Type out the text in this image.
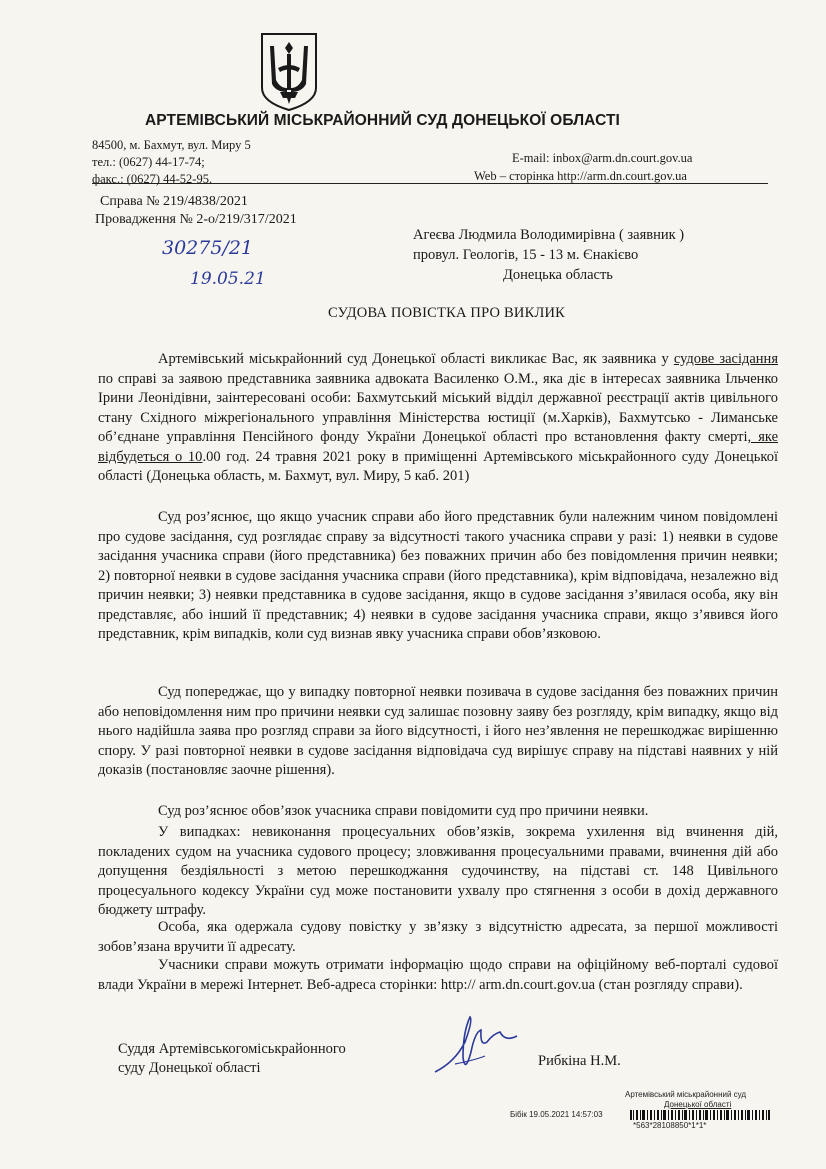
АРТЕМІВСЬКИЙ МІСЬКРАЙОННИЙ СУД ДОНЕЦЬКОЇ ОБЛАСТІ
84500, м. Бахмут, вул. Миру 5
тел.: (0627) 44-17-74;
факс.: (0627) 44-52-95.
E-mail: inbox@arm.dn.court.gov.ua
Web – сторінка http://arm.dn.court.gov.ua
Справа № 219/4838/2021
Провадження № 2-о/219/317/2021
30275/21
19.05.21
Агеєва Людмила Володимирівна ( заявник )
провул. Геологів, 15 - 13 м. Єнакієво
Донецька область
СУДОВА ПОВІСТКА ПРО ВИКЛИК

Артемівський міськрайонний суд Донецької області викликає Вас, як заявника у судове засідання по справі за заявою представника заявника адвоката Василенко О.М., яка діє в інтересах заявника Ільченко Ірини Леонідівни, заінтересовані особи: Бахмутський міський відділ державної реєстрації актів цивільного стану Східного міжрегіонального управління Міністерства юстиції (м.Харків), Бахмутсько - Лиманське об’єднане управління Пенсійного фонду України Донецької області про встановлення факту смерті, яке відбудеться о 10.00 год. 24 травня 2021 року в приміщенні Артемівського міськрайонного суду Донецької області (Донецька область, м. Бахмут, вул. Миру, 5 каб. 201)

Суд роз’яснює, що якщо учасник справи або його представник були належним чином повідомлені про судове засідання, суд розглядає справу за відсутності такого учасника справи у разі: 1) неявки в судове засідання учасника справи (його представника) без поважних причин або без повідомлення причин неявки; 2) повторної неявки в судове засідання учасника справи (його представника), крім відповідача, незалежно від причин неявки; 3) неявки представника в судове засідання, якщо в судове засідання з’явилася особа, яку він представляє, або інший її представник; 4) неявки в судове засідання учасника справи, якщо з’явився його представник, крім випадків, коли суд визнав явку учасника справи обов’язковою.

Суд попереджає, що у випадку повторної неявки позивача в судове засідання без поважних причин або неповідомлення ним про причини неявки суд залишає позовну заяву без розгляду, крім випадку, якщо від нього надійшла заява про розгляд справи за його відсутності, і його нез’явлення не перешкоджає вирішенню спору. У разі повторної неявки в судове засідання відповідача суд вирішує справу на підставі наявних у ній доказів (постановляє заочне рішення).

Суд роз’яснює обов’язок учасника справи повідомити суд про причини неявки.

У випадках: невиконання процесуальних обов’язків, зокрема ухилення від вчинення дій, покладених судом на учасника судового процесу; зловживання процесуальними правами, вчинення дій або допущення бездіяльності з метою перешкоджання судочинству, на підставі ст. 148 Цивільного процесуального кодексу України суд може постановити ухвалу про стягнення з особи в дохід державного бюджету штрафу.

Особа, яка одержала судову повістку у зв’язку з відсутністю адресата, за першої можливості зобов’язана вручити її адресату.

Учасники справи можуть отримати інформацію щодо справи на офіційному веб-порталі судової влади України в мережі Інтернет. Веб-адреса сторінки: http:// arm.dn.court.gov.ua (стан розгляду справи).

Суддя Артемівськогоміськрайонного
суду Донецької області	Рибкіна Н.М.
Артемівський міськрайонний суд
Донецької області
Бібік 19.05.2021 14:57:03
*563*28108850*1*1*
